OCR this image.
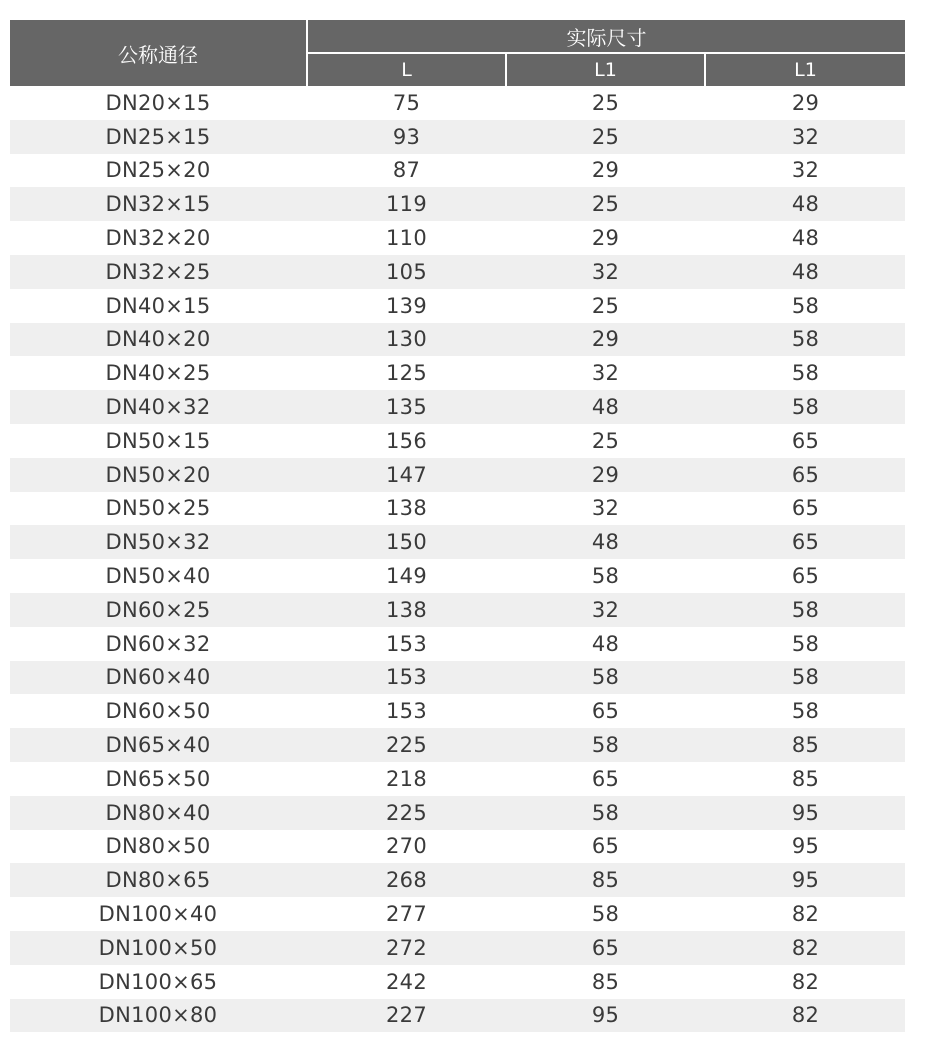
公称通径
实际尺寸
L	L1	L1
DN20×15	75	25	29
DN25×15	93	25	32
DN25×20	87	29	32
DN32×15	119	25	48
DN32×20	110	29	48
DN32×25	105	32	48
DN40×15	139	25	58
DN40×20	130	29	58
DN40×25	125	32	58
DN40×32	135	48	58
DN50×15	156	25	65
DN50×20	147	29	65
DN50×25	138	32	65
DN50×32	150	48	65
DN50×40	149	58	65
DN60×25	138	32	58
DN60×32	153	48	58
DN60×40	153	58	58
DN60×50	153	65	58
DN65×40	225	58	85
DN65×50	218	65	85
DN80×40	225	58	95
DN80×50	270	65	95
DN80×65	268	85	95
DN100×40	277	58	82
DN100×50	272	65	82
DN100×65	242	85	82
DN100×80	227	95	82
